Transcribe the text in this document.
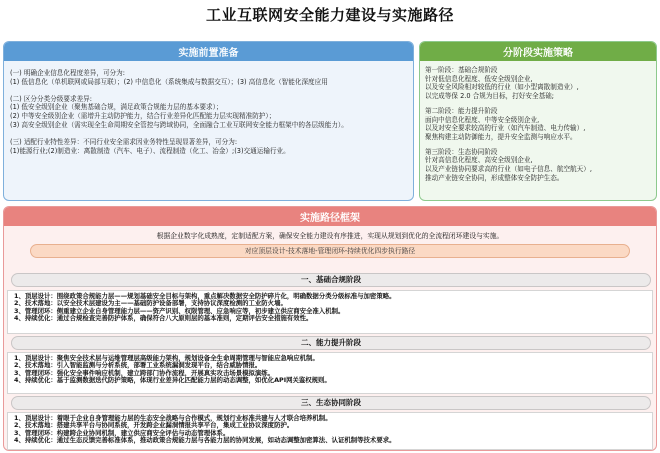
工业互联网安全能力建设与实施路径
实施前置准备
(一) 明确企业信息化程度差异，可分为:
(1) 低信息化（单机联网或局部互联）；(2) 中信息化（系统集成与数据交互）；(3) 高信息化（智能化深度应用
(二) 区分分类分级要求差异:
(1) 低安全级别企业（聚焦基础合规，满足政策合规能力层的基本要求）；
(2) 中等安全级别企业（需增升主动防护能力，结合行业差异化匹配能力层实现精准防护）；
(3) 高安全级别企业（需实现全生命周期安全管控与跨域协同，全面融合工业互联网安全能力框架中的各层级能力）。
(三) 适配行业特性差异：不同行业安全需求因业务特性呈现显著差异，可分为:
(1)能源行业;(2)制造业：离散制造（汽车、电子）、流程制造（化工、冶金）;(3)交通运输行业。
分阶段实施策略
第一阶段：基础合规阶段
针对低信息化程度、低安全级别企业,
以及安全风险相对较低的行业（如小型离散制造业）,
以完成等保 2.0 合规为目标，打好安全基础;
第二阶段：能力提升阶段
面向中信息化程度、中等安全级别企业,
以及对安全要求较高的行业（如汽车制造、电力传输）,
聚焦构建主动防御能力，提升安全监测与响应水平。
第三阶段：生态协同阶段
针对高信息化程度、高安全级别企业,
以及产业链协同要求高的行业（如电子信息、航空航天）,
推动产业链安全协同，形成整体安全防护生态。
实施路径框架
根据企业数字化成熟度，定制适配方案，确保安全能力建设有序推进，实现从规划到优化的全流程闭环建设与实施。
对应顶层设计-技术落地-管理闭环-持续优化四步执行路径
一、基础合规阶段
1、顶层设计：围绕政策合规能力层——规划基础安全目标与架构，重点解决数据安全防护碎片化，明确数据分类分级标准与加密策略。
2、技术落地：以安全技术层建设为主——基础防护设备部署，支持协议深度检测的工业防火墙。
3、管理闭环：侧重建立企业自身管理能力层——资产识别、权限管理、应急响应等，初步建立供应商安全准入机制。
4、持续优化：通过合规检查完善防护体系，确保符合八大原则层的基本准则，定期评估安全措施有效性。
二、能力提升阶段
1、顶层设计：聚焦安全技术层与运维管理层高级能力架构，规划设备全生命周期管理与智能应急响应机制。
2、技术落地：引入智能监测与分析系统，部署工业系统漏洞发现平台，结合威胁情报。
3、管理闭环：强化安全事件响应机制，建立跨部门协作流程，开展真实攻击场景模拟演练。
4、持续优化：基于监测数据迭代防护策略，体现行业差异化匹配能力层的动态调整，如优化API网关鉴权规则。
三、生态协同阶段
1、顶层设计：着眼于企业自身管理能力层的生态安全战略与合作模式，规划行业标准共建与人才联合培养机制。
2、技术落地：搭建共享平台与协同系统，开发跨企业漏洞情报共享平台，集成工业协议深度防护。
3、管理闭环：构建跨企业协同机制，建立供应商安全评估与动态管理体系。
4、持续优化：通过生态反馈完善标准体系，推动政策合规能力层与各能力层的协同发展，如动态调整加密算法、认证机制等技术要求。
